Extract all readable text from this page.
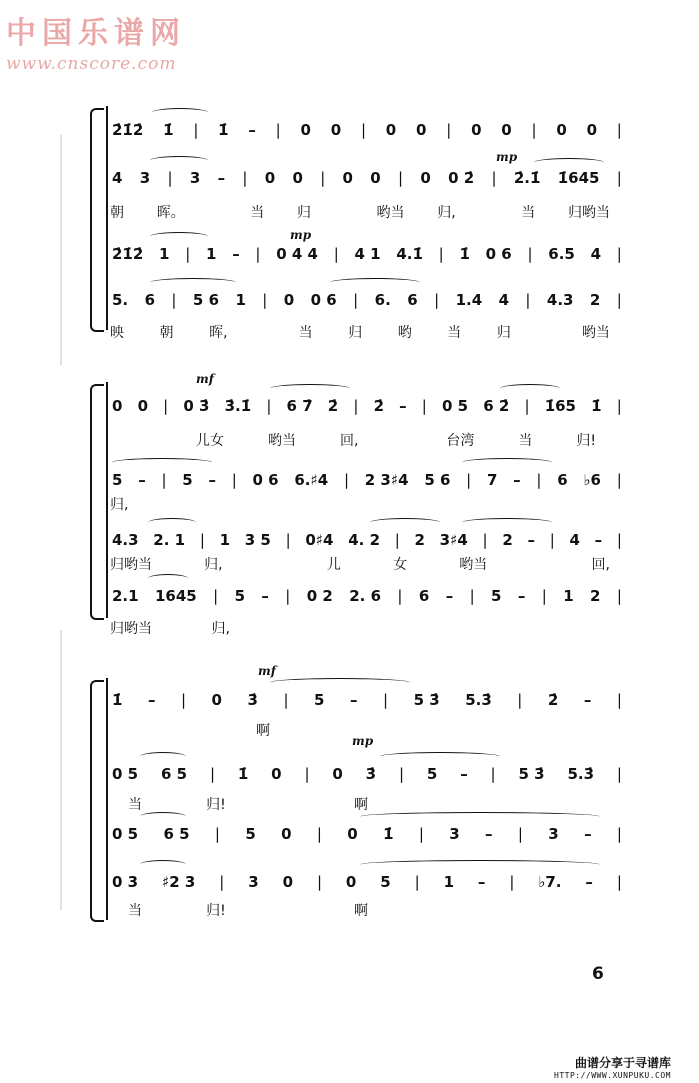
中国乐谱网
www.cnscore.com
2̇1̇2̇ 1̇ | 1̇ – | 0 0 | 0 0 | 0 0 | 0 0 |
mp
4 3 | 3 – | 0 0 | 0 0 | 0 0 2̇ | 2̇.1̇ 1̇645 |
朝 晖。	当 归	哟当 归,	当 归哟当
mp
2̇1̇2̇ 1 | 1 – | 0 4 4 | 4 1 4.1̇ | 1̇ 0 6 | 6.5 4 |
5. 6 | 5 6 1 | 0 0 6 | 6. 6 | 1.4 4 | 4.3 2 |
映	朝	晖,	当	归	哟	当	归	哟当
mf
0 0 | 0 3̇ 3̇.1̇ | 6 7̇ 2̇ | 2̇ – | 0 5 6 2̇ | 1̇65 1̇ |
儿女	哟当	回,	台湾	当	归!
5 – | 5 – | 0 6 6.♯4 | 2 3♯4 5 6 | 7 – | 6 ♭6 |
归,
4.3 2. 1 | 1 3 5 | 0♯4 4. 2 | 2 3♯4 | 2 – | 4 – |
归哟当	归,	儿	女	哟当	回,
2.1 1645 | 5 – | 0 2 2. 6 | 6 – | 5 – | 1 2 |
归哟当	归,
mf
1̇ – | 0 3̇ | 5 – | 5 3̇ 5.3̇ | 2̇ – |
啊
mp
0 5 6 5 | 1̇ 0 | 0 3̇ | 5 – | 5 3̇ 5.3̇ |
当	归!	啊
0 5 6 5 | 5 0 | 0 1̇ | 3 – | 3 – |
0 3 ♯2 3 | 3 0 | 0 5 | 1 – | ♭7. – |
当	归!	啊
6
曲谱分享于寻谱库
HTTP://WWW.XUNPUKU.COM
